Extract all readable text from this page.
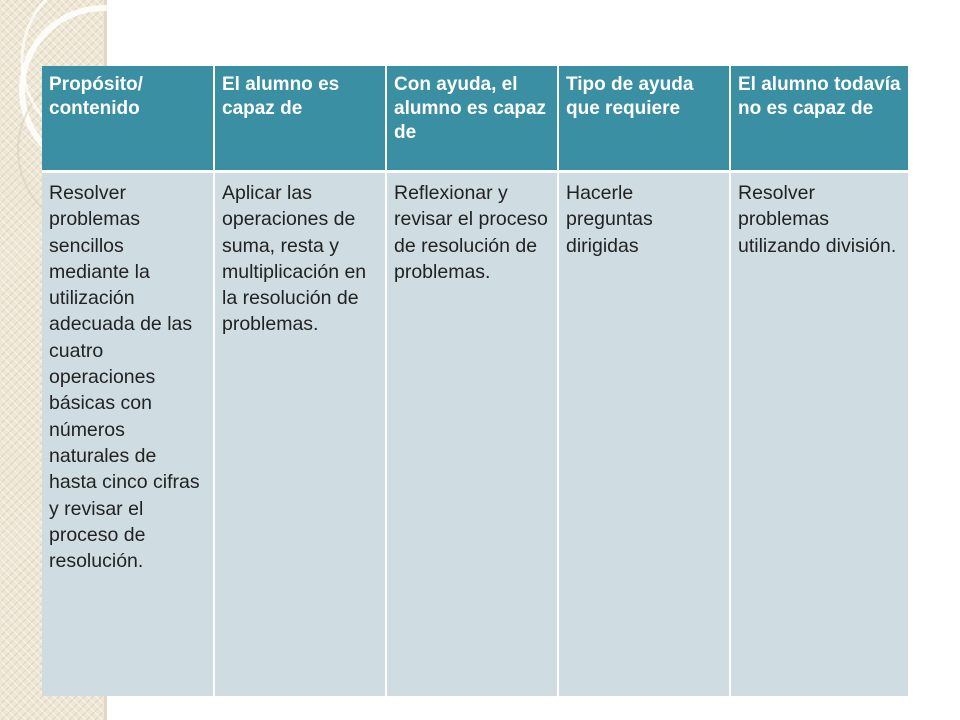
Propósito/ contenido	El alumno es capaz de	Con ayuda, el alumno es capaz de	Tipo de ayuda que requiere	El alumno todavía no es capaz de
Resolver problemas sencillos mediante la utilización adecuada de las cuatro operaciones básicas con números naturales de hasta cinco cifras y revisar el proceso de resolución.	Aplicar las operaciones de suma, resta y multiplicación en la resolución de problemas.	Reflexionar y revisar el proceso de resolución de problemas.	Hacerle preguntas dirigidas	Resolver problemas utilizando división.
